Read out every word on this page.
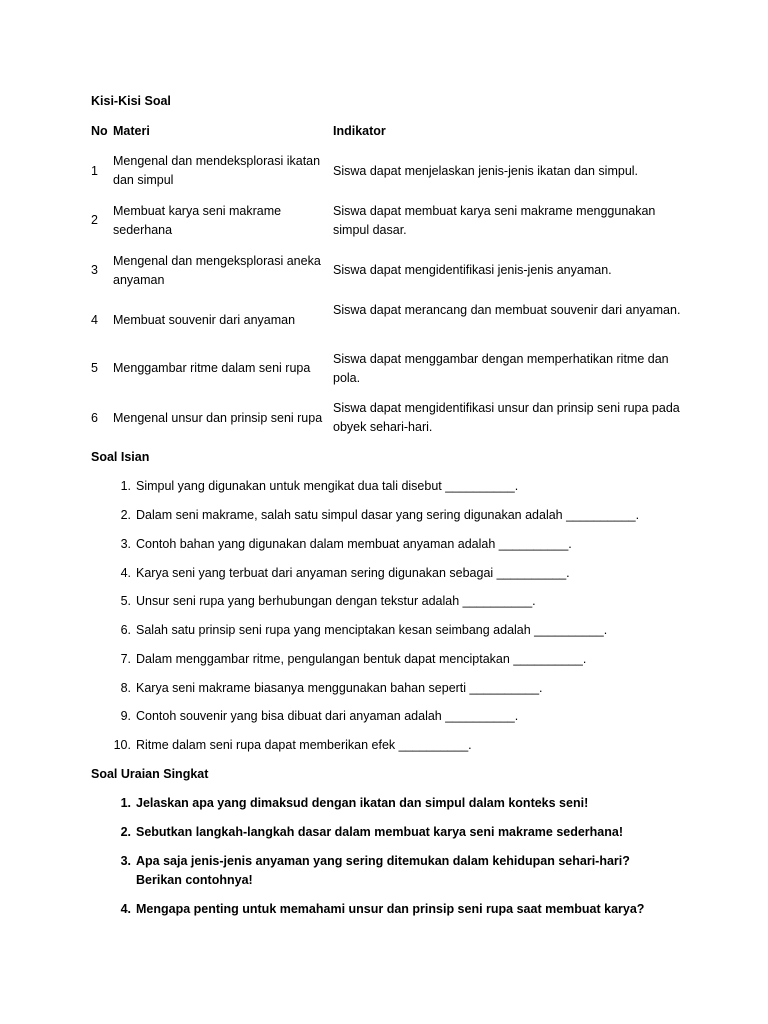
Kisi-Kisi Soal
No Materi	Indikator
1
Mengenal dan mendeksplorasi ikatan dan simpul
Siswa dapat menjelaskan jenis-jenis ikatan dan simpul.
2
Membuat karya seni makrame sederhana
Siswa dapat membuat karya seni makrame menggunakan simpul dasar.
3
Mengenal dan mengeksplorasi aneka anyaman
Siswa dapat mengidentifikasi jenis-jenis anyaman.
4 Membuat souvenir dari anyaman
Siswa dapat merancang dan membuat souvenir dari anyaman.
5 Menggambar ritme dalam seni rupa
Siswa dapat menggambar dengan memperhatikan ritme dan pola.
6 Mengenal unsur dan prinsip seni rupa
Siswa dapat mengidentifikasi unsur dan prinsip seni rupa pada obyek sehari-hari.
Soal Isian
1. Simpul yang digunakan untuk mengikat dua tali disebut __________.
2. Dalam seni makrame, salah satu simpul dasar yang sering digunakan adalah __________.
3. Contoh bahan yang digunakan dalam membuat anyaman adalah __________.
4. Karya seni yang terbuat dari anyaman sering digunakan sebagai __________.
5. Unsur seni rupa yang berhubungan dengan tekstur adalah __________.
6. Salah satu prinsip seni rupa yang menciptakan kesan seimbang adalah __________.
7. Dalam menggambar ritme, pengulangan bentuk dapat menciptakan __________.
8. Karya seni makrame biasanya menggunakan bahan seperti __________.
9. Contoh souvenir yang bisa dibuat dari anyaman adalah __________.
10. Ritme dalam seni rupa dapat memberikan efek __________.
Soal Uraian Singkat
1. Jelaskan apa yang dimaksud dengan ikatan dan simpul dalam konteks seni!
2. Sebutkan langkah-langkah dasar dalam membuat karya seni makrame sederhana!
3. Apa saja jenis-jenis anyaman yang sering ditemukan dalam kehidupan sehari-hari? Berikan contohnya!
4. Mengapa penting untuk memahami unsur dan prinsip seni rupa saat membuat karya?
